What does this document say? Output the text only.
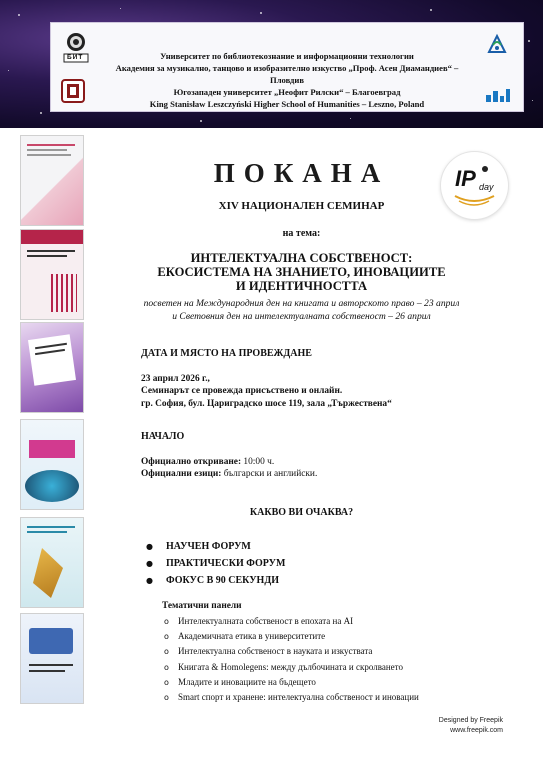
БИТ	Университет по библиотекознание и информационни технологии
Академия за музикално, танцово и изобразително изкуство „Проф. Асен Диамандиев“ – Пловдив
Югозападен университет „Неофит Рилски“ – Благоевград
King Stanisław Leszczyński Higher School of Humanities – Leszno, Poland
IP day
ПОКАНА
XIV НАЦИОНАЛЕН СЕМИНАР
на тема:
ИНТЕЛЕКТУАЛНА СОБСТВЕНОСТ:
ЕКОСИСТЕМА НА ЗНАНИЕТО, ИНОВАЦИИТЕ
И ИДЕНТИЧНОСТТА
посветен на Международния ден на книгата и авторското право – 23 април
и Световния ден на интелектуалната собственост – 26 април
ДАТА И МЯСТО НА ПРОВЕЖДАНЕ
23 април 2026 г.,
Семинарът се провежда присъствено и онлайн.
гр. София, бул. Цариградско шосе 119, зала „Тържествена“
НАЧАЛО
Официално откриване: 10:00 ч.
Официални езици: български и английски.
КАКВО ВИ ОЧАКВА?
● НАУЧЕН ФОРУМ
● ПРАКТИЧЕСКИ ФОРУМ
● ФОКУС В 90 СЕКУНДИ
Тематични панели
o Интелектуалната собственост в епохата на AI
o Академичната етика в университетите
o Интелектуална собственост в науката и изкуствата
o Книгата & Homolegens: между дълбочината и скролването
o Младите и иновациите на бъдещето
o Smart спорт и хранене: интелектуална собственост и иновации
Designed by Freepik
www.freepik.com
